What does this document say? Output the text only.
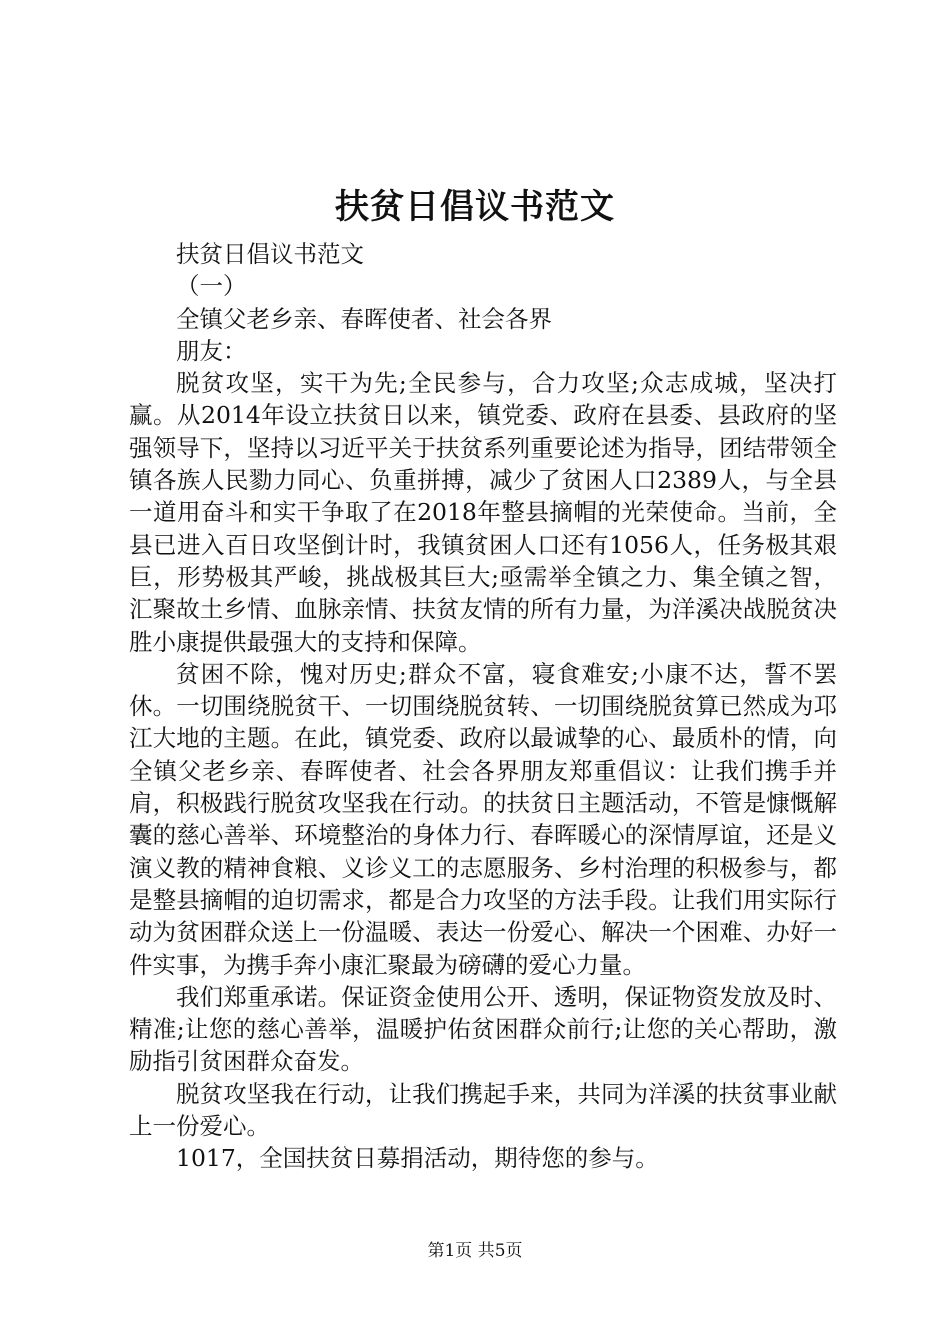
扶贫日倡议书范文

扶贫日倡议书范文

（一）

全镇父老乡亲、春晖使者、社会各界

朋友：

脱贫攻坚，实干为先;全民参与，合力攻坚;众志成城，坚决打赢。从2014年设立扶贫日以来，镇党委、政府在县委、县政府的坚强领导下，坚持以习近平关于扶贫系列重要论述为指导，团结带领全镇各族人民勠力同心、负重拼搏，减少了贫困人口2389人，与全县一道用奋斗和实干争取了在2018年整县摘帽的光荣使命。当前，全县已进入百日攻坚倒计时，我镇贫困人口还有1056人，任务极其艰巨，形势极其严峻，挑战极其巨大;亟需举全镇之力、集全镇之智，汇聚故土乡情、血脉亲情、扶贫友情的所有力量，为洋溪决战脱贫决胜小康提供最强大的支持和保障。

贫困不除，愧对历史;群众不富，寝食难安;小康不达，誓不罢休。一切围绕脱贫干、一切围绕脱贫转、一切围绕脱贫算已然成为邛江大地的主题。在此，镇党委、政府以最诚挚的心、最质朴的情，向全镇父老乡亲、春晖使者、社会各界朋友郑重倡议：让我们携手并肩，积极践行脱贫攻坚我在行动。的扶贫日主题活动，不管是慷慨解囊的慈心善举、环境整治的身体力行、春晖暖心的深情厚谊，还是义演义教的精神食粮、义诊义工的志愿服务、乡村治理的积极参与，都是整县摘帽的迫切需求，都是合力攻坚的方法手段。让我们用实际行动为贫困群众送上一份温暖、表达一份爱心、解决一个困难、办好一件实事，为携手奔小康汇聚最为磅礴的爱心力量。

我们郑重承诺。保证资金使用公开、透明，保证物资发放及时、精准;让您的慈心善举，温暖护佑贫困群众前行;让您的关心帮助，激励指引贫困群众奋发。

脱贫攻坚我在行动，让我们携起手来，共同为洋溪的扶贫事业献上一份爱心。

1017，全国扶贫日募捐活动，期待您的参与。

第1页 共5页
